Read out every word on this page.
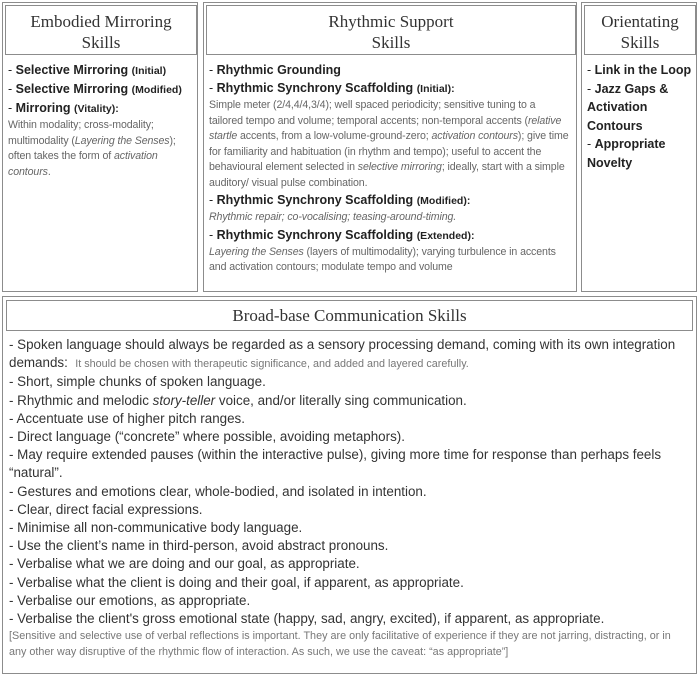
Embodied Mirroring
Skills
- Selective Mirroring (Initial)
- Selective Mirroring (Modified)
- Mirroring (Vitality):
Within modality; cross-modality; multimodality (Layering the Senses); often takes the form of activation contours.
Rhythmic Support
Skills
- Rhythmic Grounding
- Rhythmic Synchrony Scaffolding (Initial):
Simple meter (2/4,4/4,3/4); well spaced periodicity; sensitive tuning to a tailored tempo and volume; temporal accents; non-temporal accents (relative startle accents, from a low-volume-ground-zero; activation contours); give time for familiarity and habituation (in rhythm and tempo); useful to accent the behavioural element selected in selective mirroring; ideally, start with a simple auditory/ visual pulse combination.
- Rhythmic Synchrony Scaffolding (Modified):
Rhythmic repair; co-vocalising; teasing-around-timing.
- Rhythmic Synchrony Scaffolding (Extended):
Layering the Senses (layers of multimodality); varying turbulence in accents and activation contours; modulate tempo and volume
Orientating
Skills
- Link in the Loop
- Jazz Gaps & Activation Contours
- Appropriate Novelty
Broad-base Communication Skills
- Spoken language should always be regarded as a sensory processing demand, coming with its own integration demands: It should be chosen with therapeutic significance, and added and layered carefully.
- Short, simple chunks of spoken language.
- Rhythmic and melodic story-teller voice, and/or literally sing communication.
- Accentuate use of higher pitch ranges.
- Direct language (“concrete” where possible, avoiding metaphors).
- May require extended pauses (within the interactive pulse), giving more time for response than perhaps feels “natural”.
- Gestures and emotions clear, whole-bodied, and isolated in intention.
- Clear, direct facial expressions.
- Minimise all non-communicative body language.
- Use the client’s name in third-person, avoid abstract pronouns.
- Verbalise what we are doing and our goal, as appropriate.
- Verbalise what the client is doing and their goal, if apparent, as appropriate.
- Verbalise our emotions, as appropriate.
- Verbalise the client's gross emotional state (happy, sad, angry, excited), if apparent, as appropriate.
[Sensitive and selective use of verbal reflections is important. They are only facilitative of experience if they are not jarring, distracting, or in any other way disruptive of the rhythmic flow of interaction. As such, we use the caveat: “as appropriate”]
